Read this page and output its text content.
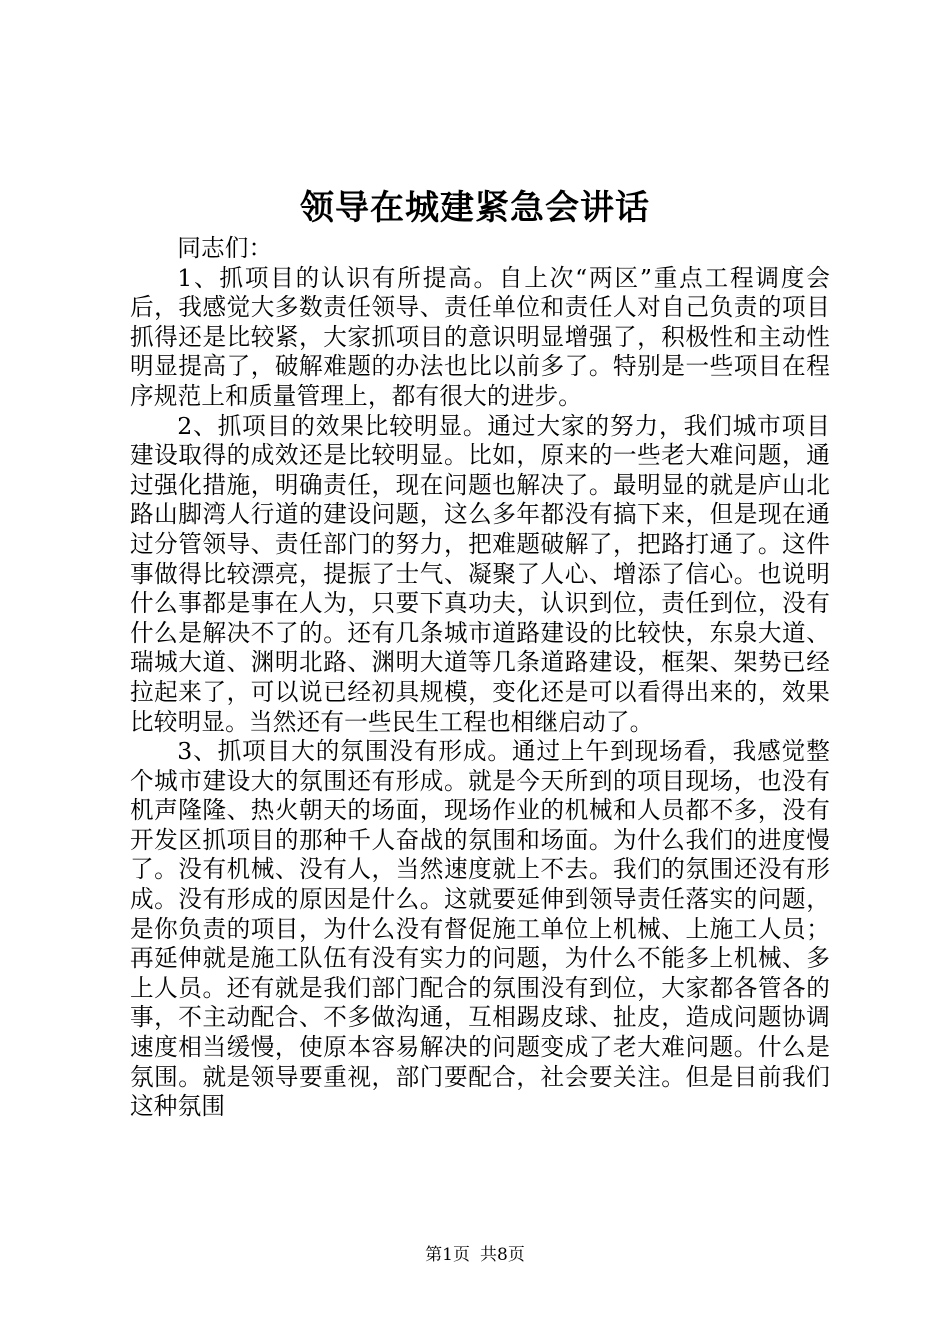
领导在城建紧急会讲话

同志们：

1、抓项目的认识有所提高。自上次“两区”重点工程调度会后，我感觉大多数责任领导、责任单位和责任人对自己负责的项目抓得还是比较紧，大家抓项目的意识明显增强了，积极性和主动性明显提高了，破解难题的办法也比以前多了。特别是一些项目在程序规范上和质量管理上，都有很大的进步。

2、抓项目的效果比较明显。通过大家的努力，我们城市项目建设取得的成效还是比较明显。比如，原来的一些老大难问题，通过强化措施，明确责任，现在问题也解决了。最明显的就是庐山北路山脚湾人行道的建设问题，这么多年都没有搞下来，但是现在通过分管领导、责任部门的努力，把难题破解了，把路打通了。这件事做得比较漂亮，提振了士气、凝聚了人心、增添了信心。也说明什么事都是事在人为，只要下真功夫，认识到位，责任到位，没有什么是解决不了的。还有几条城市道路建设的比较快，东泉大道、瑞城大道、渊明北路、渊明大道等几条道路建设，框架、架势已经拉起来了，可以说已经初具规模，变化还是可以看得出来的，效果比较明显。当然还有一些民生工程也相继启动了。

3、抓项目大的氛围没有形成。通过上午到现场看，我感觉整个城市建设大的氛围还有形成。就是今天所到的项目现场，也没有机声隆隆、热火朝天的场面，现场作业的机械和人员都不多，没有开发区抓项目的那种千人奋战的氛围和场面。为什么我们的进度慢了。没有机械、没有人，当然速度就上不去。我们的氛围还没有形成。没有形成的原因是什么。这就要延伸到领导责任落实的问题，是你负责的项目，为什么没有督促施工单位上机械、上施工人员；再延伸就是施工队伍有没有实力的问题，为什么不能多上机械、多上人员。还有就是我们部门配合的氛围没有到位，大家都各管各的事，不主动配合、不多做沟通，互相踢皮球、扯皮，造成问题协调速度相当缓慢，使原本容易解决的问题变成了老大难问题。什么是氛围。就是领导要重视，部门要配合，社会要关注。但是目前我们这种氛围

第1页 共8页
